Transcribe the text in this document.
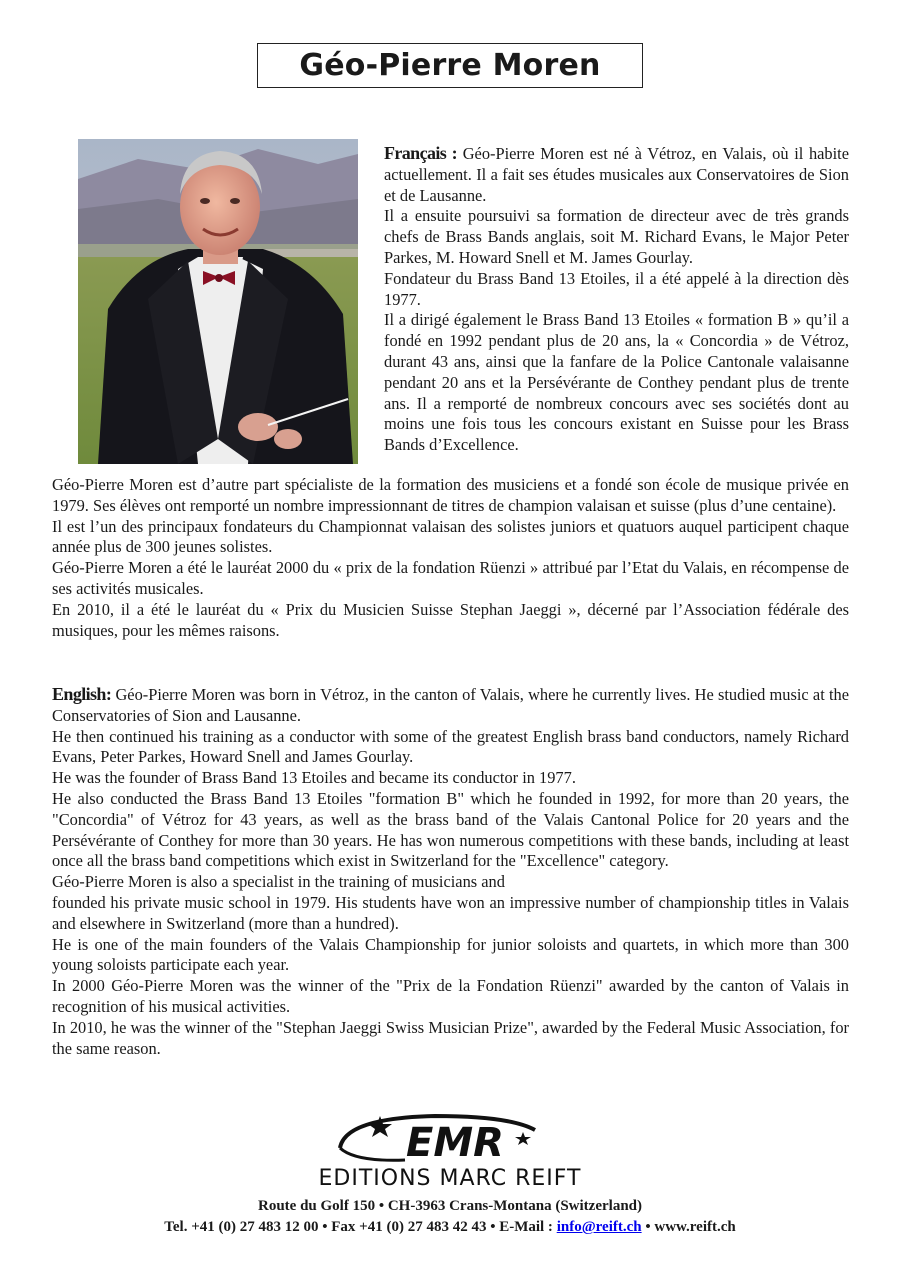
Géo-Pierre Moren

Français : Géo-Pierre Moren est né à Vétroz, en Valais, où il habite actuellement. Il a fait ses études musicales aux Conservatoires de Sion et de Lausanne.

Il a ensuite poursuivi sa formation de directeur avec de très grands chefs de Brass Bands anglais, soit M. Richard Evans, le Major Peter Parkes, M. Howard Snell et M. James Gourlay.

Fondateur du Brass Band 13 Etoiles, il a été appelé à la direction dès 1977.

Il a dirigé également le Brass Band 13 Etoiles « formation B » qu’il a fondé en 1992 pendant plus de 20 ans, la « Concordia » de Vétroz, durant 43 ans, ainsi que la fanfare de la Police Cantonale valaisanne pendant 20 ans et la Persévérante de Conthey pendant plus de trente ans. Il a remporté de nombreux concours avec ses sociétés dont au moins une fois tous les concours existant en Suisse pour les Brass Bands d’Excellence.

Géo-Pierre Moren est d’autre part spécialiste de la formation des musiciens et a fondé son école de musique privée en 1979. Ses élèves ont remporté un nombre impressionnant de titres de champion valaisan et suisse (plus d’une centaine).

Il est l’un des principaux fondateurs du Championnat valaisan des solistes juniors et quatuors auquel participent chaque année plus de 300 jeunes solistes.

Géo-Pierre Moren a été le lauréat 2000 du « prix de la fondation Rüenzi » attribué par l’Etat du Valais, en récompense de ses activités musicales.

En 2010, il a été le lauréat du « Prix du Musicien Suisse Stephan Jaeggi », décerné par l’Association fédérale des musiques, pour les mêmes raisons.

English: Géo-Pierre Moren was born in Vétroz, in the canton of Valais, where he currently lives. He studied music at the Conservatories of Sion and Lausanne.

He then continued his training as a conductor with some of the greatest English brass band conductors, namely Richard Evans, Peter Parkes, Howard Snell and James Gourlay.

He was the founder of Brass Band 13 Etoiles and became its conductor in 1977.

He also conducted the Brass Band 13 Etoiles "formation B" which he founded in 1992, for more than 20 years, the "Concordia" of Vétroz for 43 years, as well as the brass band of the Valais Cantonal Police for 20 years and the Persévérante of Conthey for more than 30 years. He has won numerous competitions with these bands, including at least once all the brass band competitions which exist in Switzerland for the "Excellence" category.

Géo-Pierre Moren is also a specialist in the training of musicians and

founded his private music school in 1979. His students have won an impressive number of championship titles in Valais and elsewhere in Switzerland (more than a hundred).

He is one of the main founders of the Valais Championship for junior soloists and quartets, in which more than 300 young soloists participate each year.

In 2000 Géo-Pierre Moren was the winner of the "Prix de la Fondation Rüenzi" awarded by the canton of Valais in recognition of his musical activities.

In 2010, he was the winner of the "Stephan Jaeggi Swiss Musician Prize", awarded by the Federal Music Association, for the same reason.

EMR
EDITIONS MARC REIFT
Route du Golf 150 • CH-3963 Crans-Montana (Switzerland)
Tel. +41 (0) 27 483 12 00 • Fax +41 (0) 27 483 42 43 • E-Mail : info@reift.ch • www.reift.ch
